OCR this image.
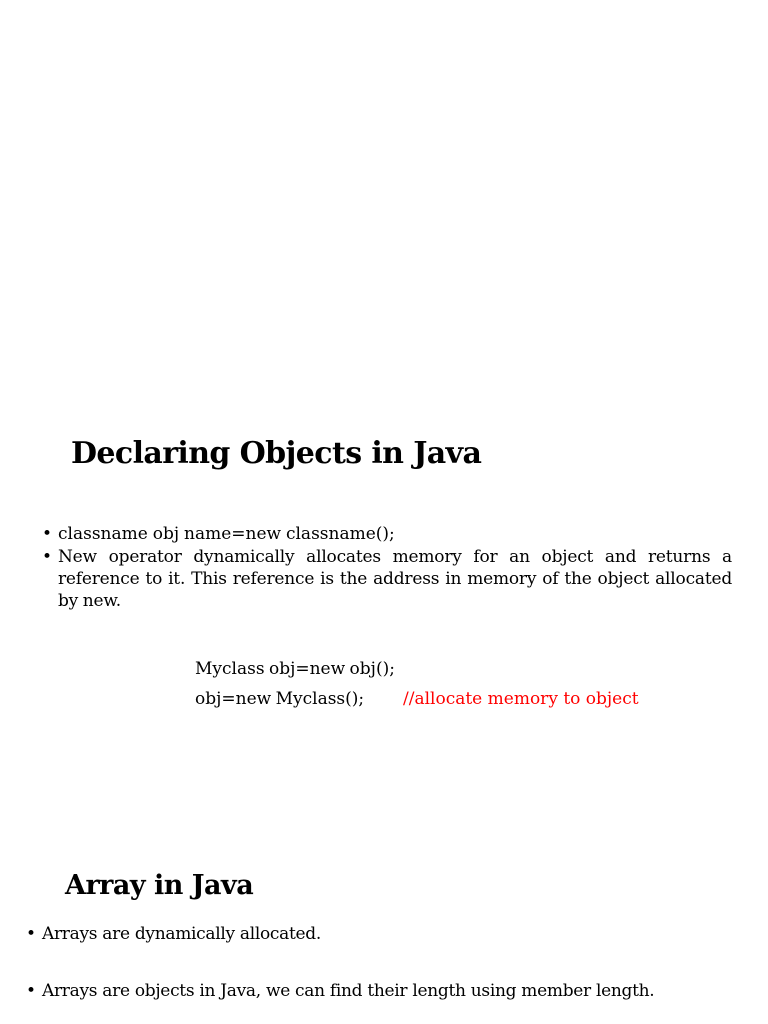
Declaring Objects in Java
• classname obj name=new classname();
• New operator dynamically allocates memory for an object and returns a reference to it. This reference is the address in memory of the object allocated by new.
Myclass obj=new obj();
obj=new Myclass(); //allocate memory to object
Array in Java
• Arrays are dynamically allocated.
• Arrays are objects in Java, we can find their length using member length.
